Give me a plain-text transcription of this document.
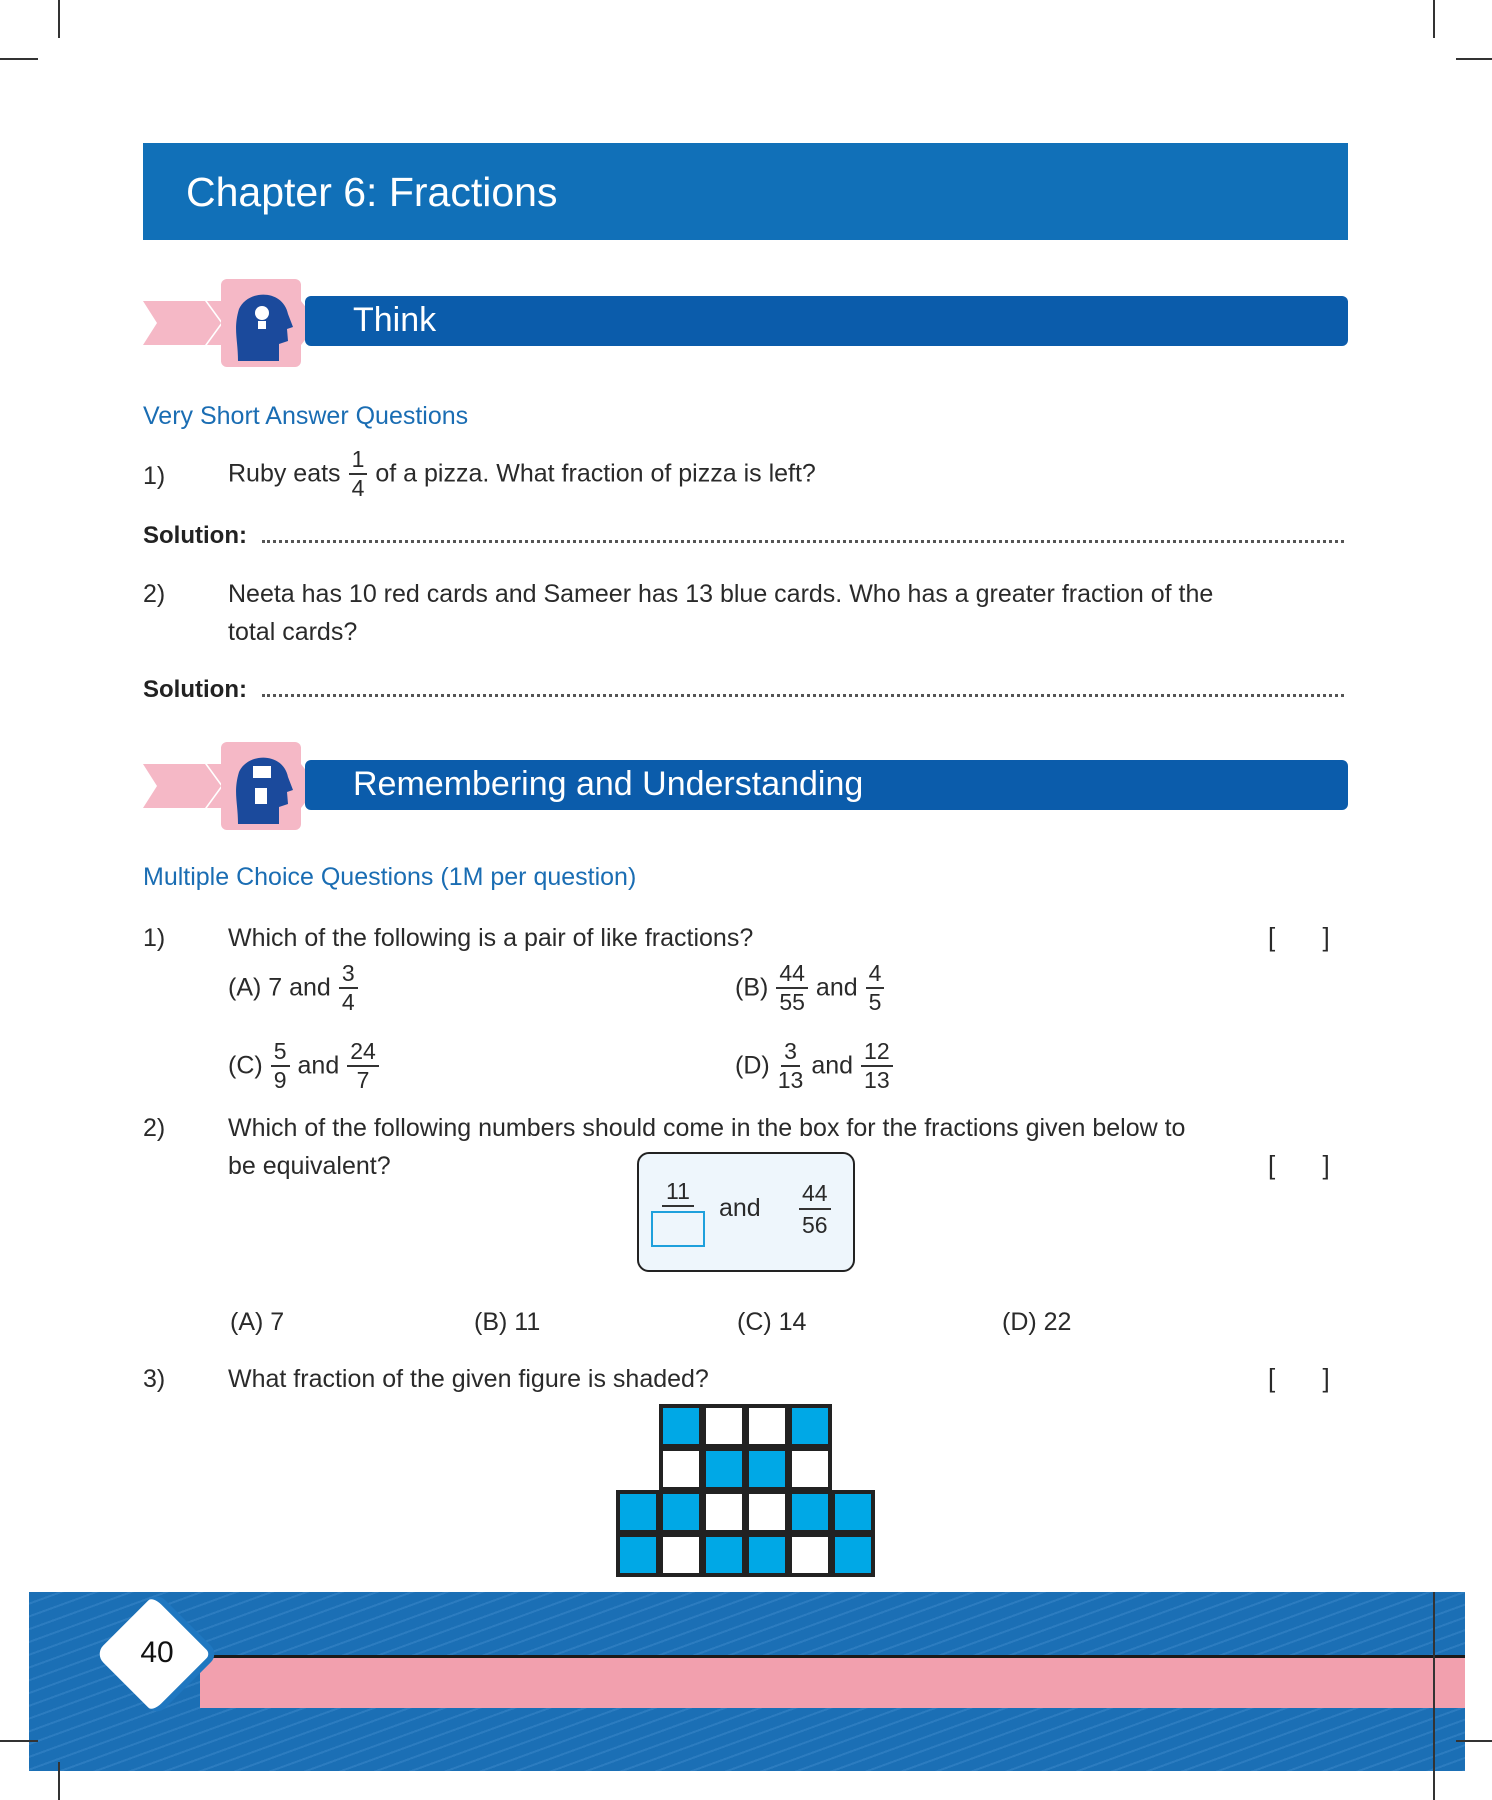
Chapter 6: Fractions
Think
Very Short Answer Questions
1)	Ruby eats $\frac{1}{4}$ of a pizza. What fraction of pizza is left?
Solution:
2)	Neeta has 10 red cards and Sameer has 13 blue cards. Who has a greater fraction of the
total cards?
Solution:
Remembering and Understanding
Multiple Choice Questions (1M per question)
1)	Which of the following is a pair of like fractions?	[ ]
(A) 7 and $\frac{3}{4}$	$(B) \frac{44}{55}$ and $\frac{4}{5}$
$(C) \frac{5}{9}$ and $\frac{24}{7}$	$(D) \frac{3}{13}$ and $\frac{12}{13}$
2)	Which of the following numbers should come in the box for the fractions given below to
be equivalent?	[ ]
11
and $\frac{44}{56}$
(A) 7	(B) 11	(C) 14	(D) 22
3)	What fraction of the given figure is shaded?	[ ]
40
